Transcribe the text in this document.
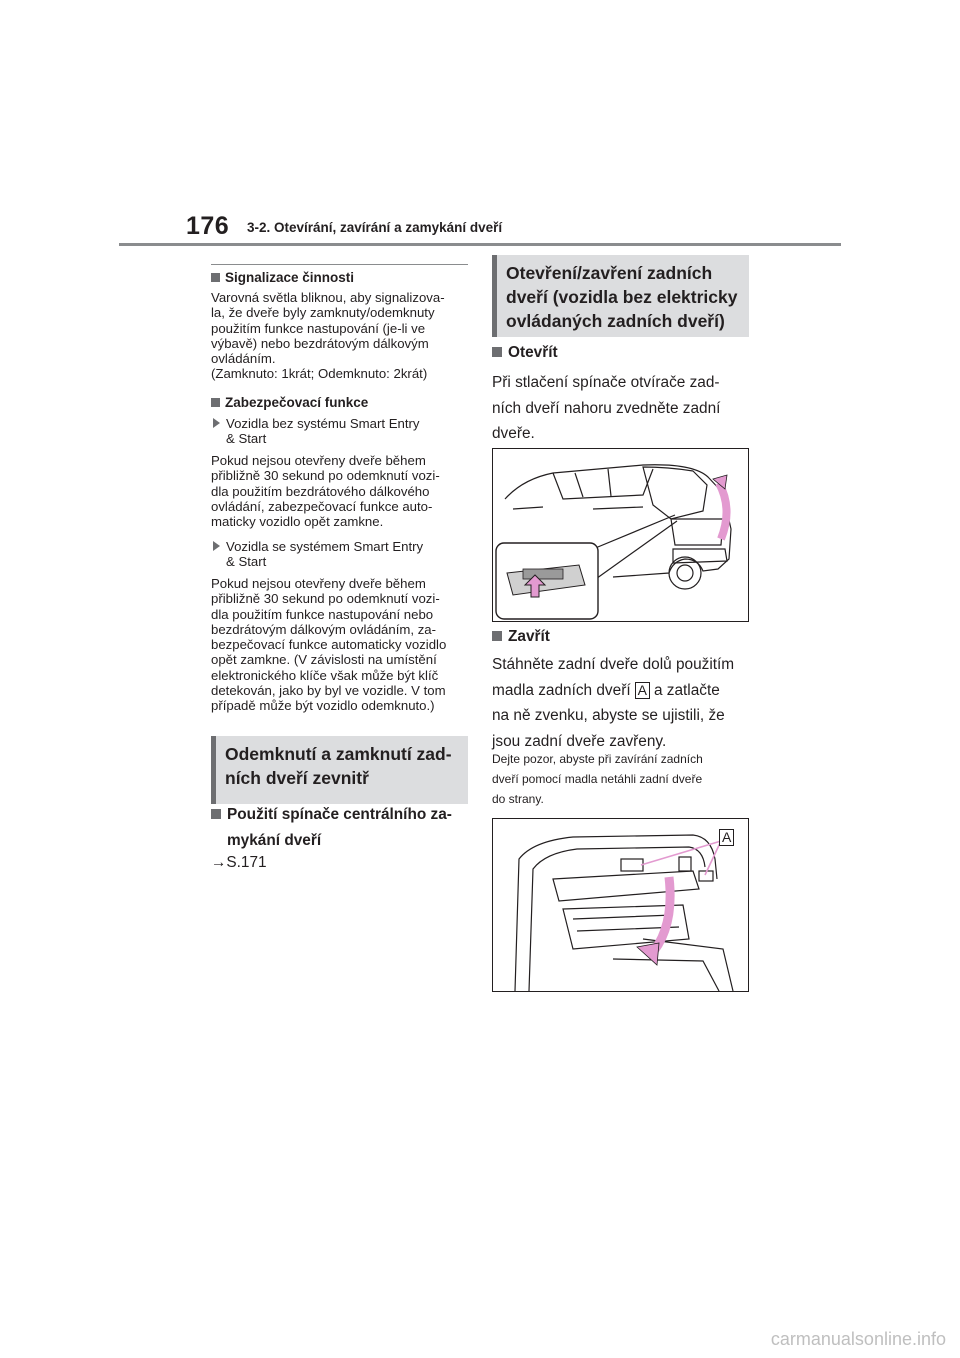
176 3-2. Otevírání, zavírání a zamykání dveří
Signalizace činnosti
Varovná světla bliknou, aby signalizova-
la, že dveře byly zamknuty/odemknuty
použitím funkce nastupování (je-li ve
výbavě) nebo bezdrátovým dálkovým
ovládáním.
(Zamknuto: 1krát; Odemknuto: 2krát)
Zabezpečovací funkce
Vozidla bez systému Smart Entry
& Start
Pokud nejsou otevřeny dveře během
přibližně 30 sekund po odemknutí vozi-
dla použitím bezdrátového dálkového
ovládání, zabezpečovací funkce auto-
maticky vozidlo opět zamkne.
Vozidla se systémem Smart Entry
& Start
Pokud nejsou otevřeny dveře během
přibližně 30 sekund po odemknutí vozi-
dla použitím funkce nastupování nebo
bezdrátovým dálkovým ovládáním, za-
bezpečovací funkce automaticky vozidlo
opět zamkne. (V závislosti na umístění
elektronického klíče však může být klíč
detekován, jako by byl ve vozidle. V tom
případě může být vozidlo odemknuto.)
Odemknutí a zamknutí zad-
ních dveří zevnitř
Použití spínače centrálního za-
mykání dveří
→S.171
Otevření/zavření zadních
dveří (vozidla bez elektricky
ovládaných zadních dveří)
Otevřít
Při stlačení spínače otvírače zad-
ních dveří nahoru zvedněte zadní
dveře.
Zavřít
Stáhněte zadní dveře dolů použitím
madla zadních dveří A a zatlačte
na ně zvenku, abyste se ujistili, že
jsou zadní dveře zavřeny.
Dejte pozor, abyste při zavírání zadních
dveří pomocí madla netáhli zadní dveře
do strany.
A
carmanualsonline.info
